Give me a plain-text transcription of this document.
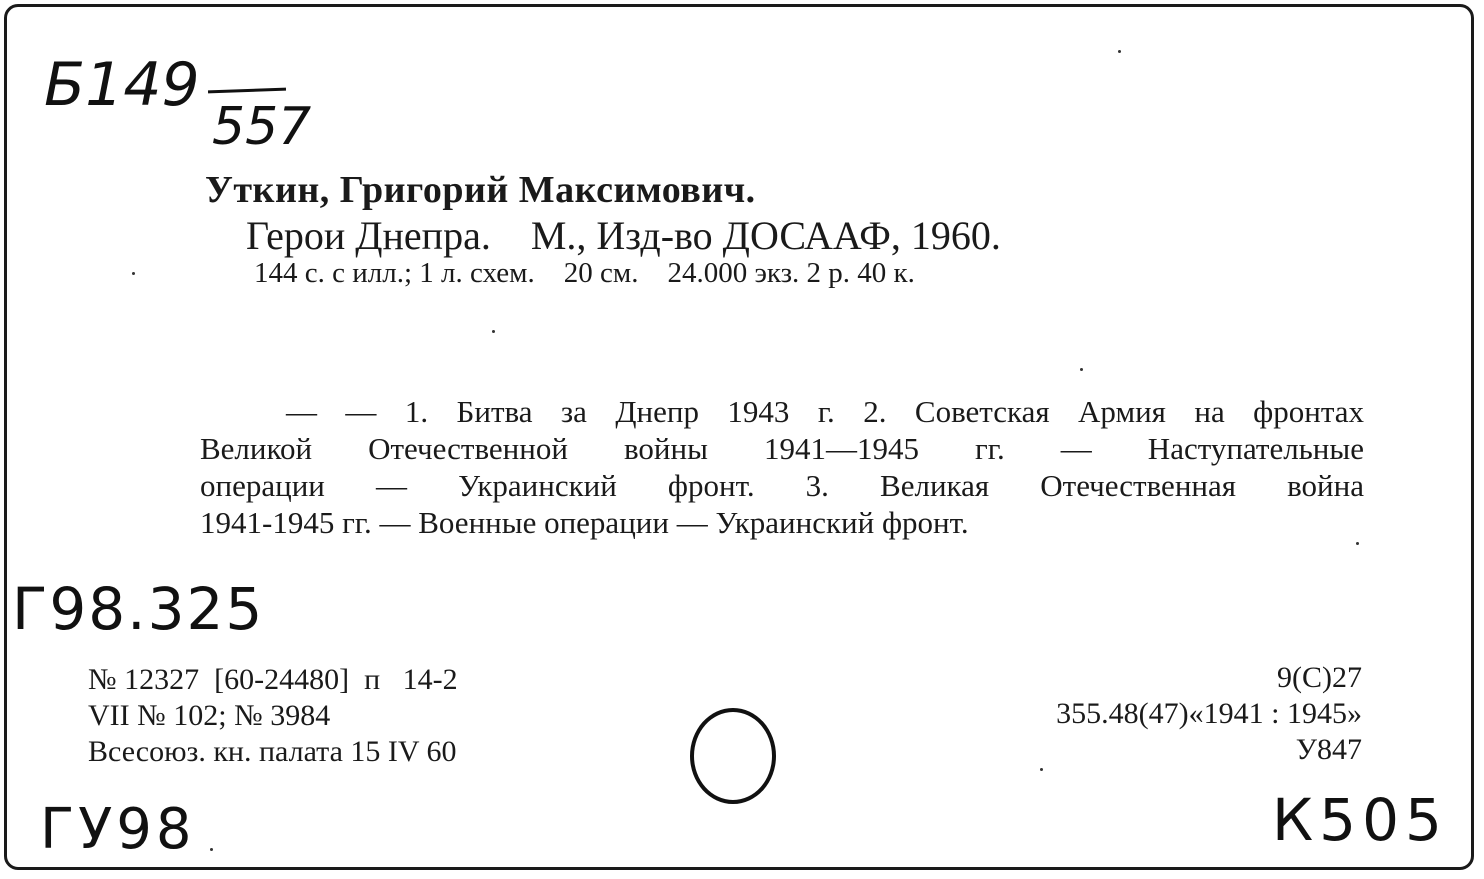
Б149
557
Уткин, Григорий Максимович.
Герои Днепра.    М., Изд-во ДОСААФ, 1960.
144 с. с илл.; 1 л. схем.    20 см.    24.000 экз. 2 р. 40 к.
— — 1. Битва за Днепр 1943 г. 2. Советская Армия на фронтах
Великой Отечественной войны 1941—1945 гг. — Наступательные
операции — Украинский фронт. 3. Великая Отечественная война
1941-1945 гг. — Военные операции — Украинский фронт.
Г98.325
№ 12327  [60-24480]  п   14-2
VII № 102; № 3984
Всесоюз. кн. палата 15 IV 60
9(С)27
355.48(47)«1941 : 1945»
У847
ГУ98	К505
